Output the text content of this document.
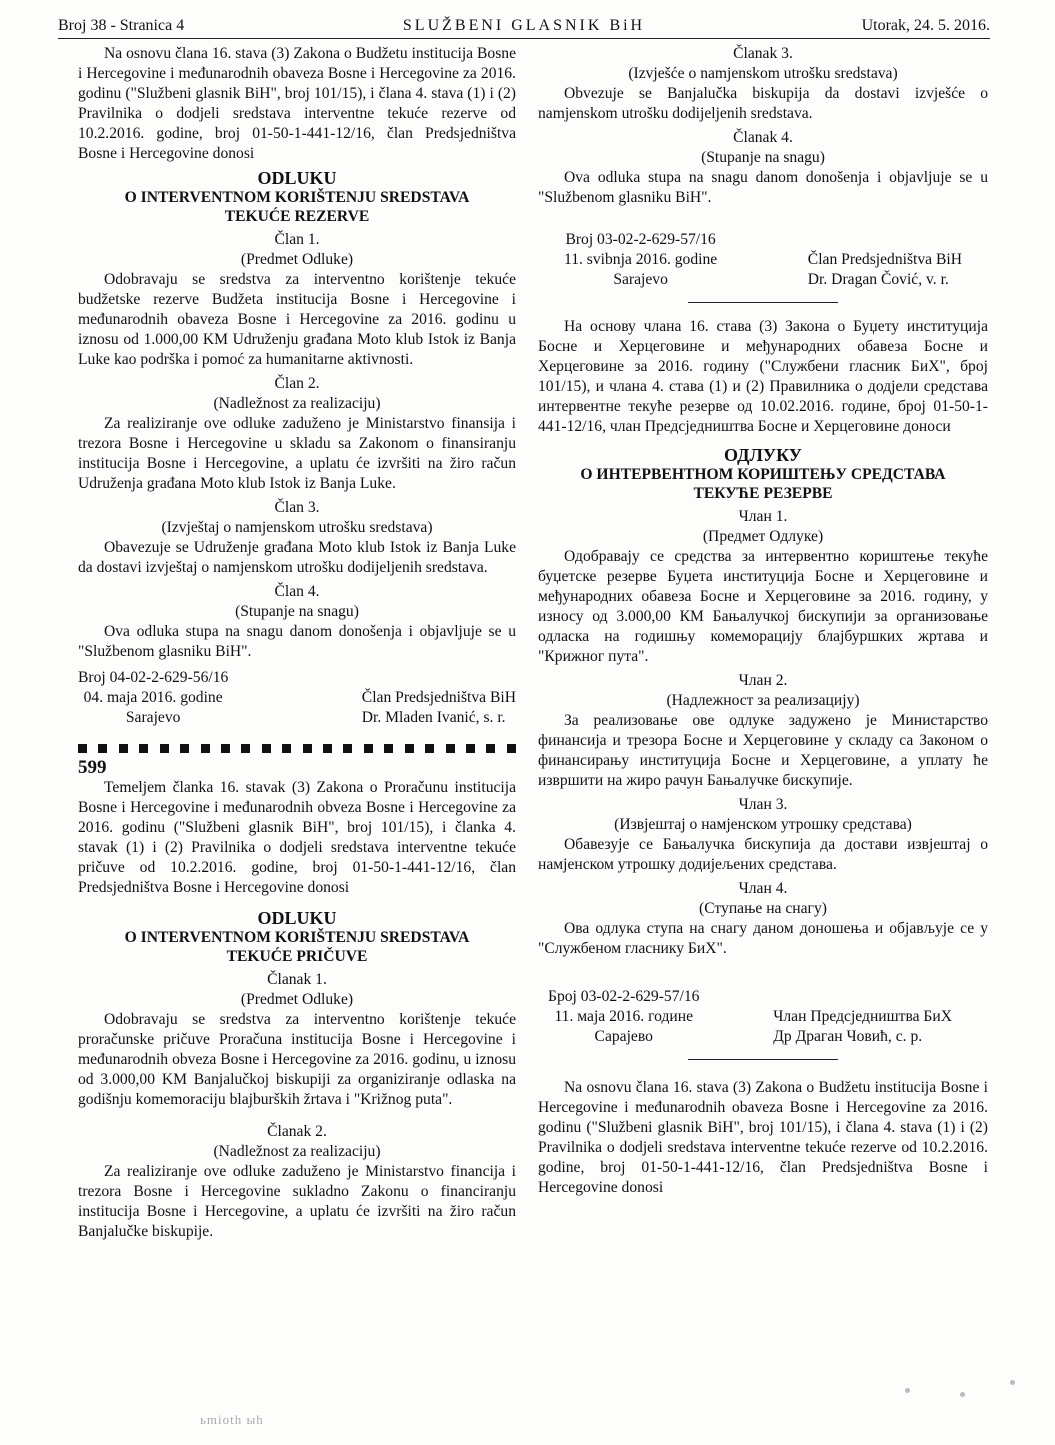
Broj 38 - Stranica 4	SLUŽBENI GLASNIK BiH	Utorak, 24. 5. 2016.

Na osnovu člana 16. stava (3) Zakona o Budžetu institucija Bosne i Hercegovine i međunarodnih obaveza Bosne i Hercegovine za 2016. godinu ("Službeni glasnik BiH", broj 101/15), i člana 4. stava (1) i (2) Pravilnika o dodjeli sredstava interventne tekuće rezerve od 10.2.2016. godine, broj 01-50-1-441-12/16, član Predsjedništva Bosne i Hercegovine donosi

ODLUKU
O INTERVENTNOM KORIŠTENJU SREDSTAVA
TEKUĆE REZERVE
Član 1.
(Predmet Odluke)

Odobravaju se sredstva za interventno korištenje tekuće budžetske rezerve Budžeta institucija Bosne i Hercegovine i međunarodnih obaveza Bosne i Hercegovine za 2016. godinu u iznosu od 1.000,00 KM Udruženju građana Moto klub Istok iz Banja Luke kao podrška i pomoć za humanitarne aktivnosti.

Član 2.
(Nadležnost za realizaciju)

Za realiziranje ove odluke zaduženo je Ministarstvo finansija i trezora Bosne i Hercegovine u skladu sa Zakonom o finansiranju institucija Bosne i Hercegovine, a uplatu će izvršiti na žiro račun Udruženja građana Moto klub Istok iz Banja Luke.

Član 3.
(Izvještaj o namjenskom utrošku sredstava)

Obavezuje se Udruženje građana Moto klub Istok iz Banja Luke da dostavi izvještaj o namjenskom utrošku dodijeljenih sredstava.

Član 4.
(Stupanje na snagu)

Ova odluka stupa na snagu danom donošenja i objavljuje se u "Službenom glasniku BiH".

Broj 04-02-2-629-56/16
04. maja 2016. godine
Sarajevo
Član Predsjedništva BiH
Dr. Mladen Ivanić, s. r.
599

Temeljem članka 16. stavak (3) Zakona o Proračunu institucija Bosne i Hercegovine i međunarodnih obveza Bosne i Hercegovine za 2016. godinu ("Službeni glasnik BiH", broj 101/15), i članka 4. stavak (1) i (2) Pravilnika o dodjeli sredstava interventne tekuće pričuve od 10.2.2016. godine, broj 01-50-1-441-12/16, član Predsjedništva Bosne i Hercegovine donosi

ODLUKU
O INTERVENTNOM KORIŠTENJU SREDSTAVA
TEKUĆE PRIČUVE
Članak 1.
(Predmet Odluke)

Odobravaju se sredstva za interventno korištenje tekuće proračunske pričuve Proračuna institucija Bosne i Hercegovine i međunarodnih obveza Bosne i Hercegovine za 2016. godinu, u iznosu od 3.000,00 KM Banjalučkoj biskupiji za organiziranje odlaska na godišnju komemoraciju blajburških žrtava i "Križnog puta".

Članak 2.
(Nadležnost za realizaciju)

Za realiziranje ove odluke zaduženo je Ministarstvo financija i trezora Bosne i Hercegovine sukladno Zakonu o financiranju institucija Bosne i Hercegovine, a uplatu će izvršiti na žiro račun Banjalučke biskupije.

Članak 3.
(Izvješće o namjenskom utrošku sredstava)

Obvezuje se Banjalučka biskupija da dostavi izvješće o namjenskom utrošku dodijeljenih sredstava.

Članak 4.
(Stupanje na snagu)

Ova odluka stupa na snagu danom donošenja i objavljuje se u "Službenom glasniku BiH".

Broj 03-02-2-629-57/16
11. svibnja 2016. godine
Sarajevo
Član Predsjedništva BiH
Dr. Dragan Čović, v. r.

На основу члана 16. става (3) Закона о Буџету институција Босне и Херцеговине и међународних обавеза Босне и Херцеговине за 2016. годину ("Службени гласник БиХ", број 101/15), и члана 4. става (1) и (2) Правилника о додјели средстава интервентне текуће резерве од 10.02.2016. године, број 01-50-1-441-12/16, члан Предсједништва Босне и Херцеговине доноси

ОДЛУКУ
О ИНТЕРВЕНТНОМ КОРИШТЕЊУ СРЕДСТАВА
ТЕКУЋЕ РЕЗЕРВЕ
Члан 1.
(Предмет Одлуке)

Одобравају се средства за интервентно кориштење текуће буџетске резерве Буџета институција Босне и Херцеговине и међународних обавеза Босне и Херцеговине за 2016. годину, у износу од 3.000,00 КМ Бањалучкој бискупији за организовање одласка на годишњу комеморацију блајбуршких жртава и "Крижног пута".

Члан 2.
(Надлежност за реализацију)

За реализовање ове одлуке задужено је Министарство финансија и трезора Босне и Херцеговине у складу са Законом о финансирању институција Босне и Херцеговине, а уплату ће извршити на жиро рачун Бањалучке бискупије.

Члан 3.
(Извјештај о намјенском утрошку средстава)

Обавезује се Бањалучка бискупија да достави извјештај о намјенском утрошку додијељених средстава.

Члан 4.
(Ступање на снагу)

Ова одлука ступа на снагу даном доношења и објављује се у "Службеном гласнику БиХ".

Број 03-02-2-629-57/16
11. маја 2016. године
Сарајево
Члан Предсједништва БиХ
Др Драган Човић, с. р.

Na osnovu člana 16. stava (3) Zakona o Budžetu institucija Bosne i Hercegovine i međunarodnih obaveza Bosne i Hercegovine za 2016. godinu ("Službeni glasnik BiH", broj 101/15), i člana 4. stava (1) i (2) Pravilnika o dodjeli sredstava interventne tekuće rezerve od 10.2.2016. godine, broj 01-50-1-441-12/16, član Predsjedništva Bosne i Hercegovine donosi

ьmioth ыh
